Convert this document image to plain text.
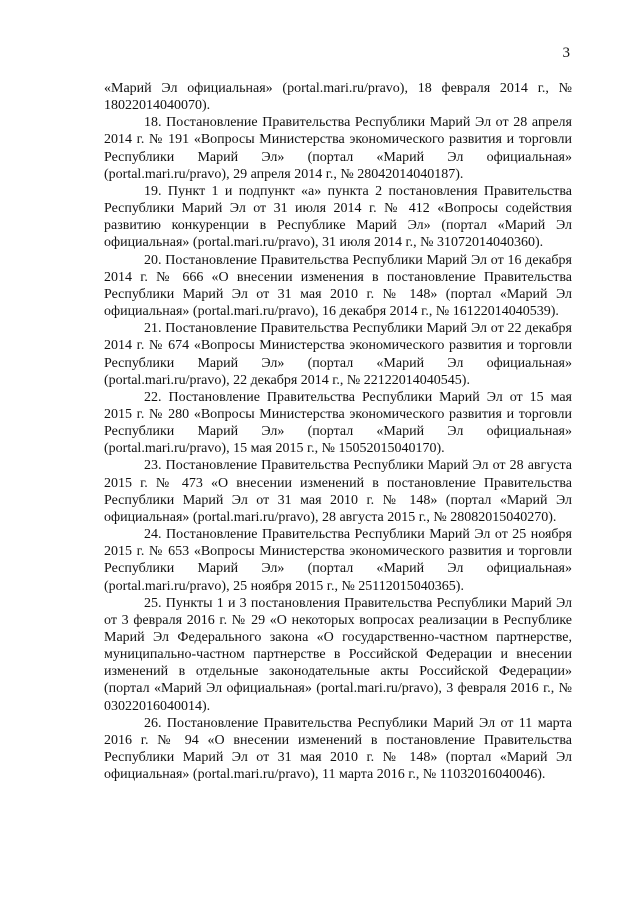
3

«Марий Эл официальная» (portal.mari.ru/pravo), 18 февраля 2014 г., № 18022014040070).

18. Постановление Правительства Республики Марий Эл от 28 апреля 2014 г. № 191 «Вопросы Министерства экономического развития и торговли Республики Марий Эл» (портал «Марий Эл официальная» (portal.mari.ru/pravo), 29 апреля 2014 г., № 28042014040187).

19. Пункт 1 и подпункт «а» пункта 2 постановления Правительства Республики Марий Эл от 31 июля 2014 г. № 412 «Вопросы содействия развитию конкуренции в Республике Марий Эл» (портал «Марий Эл официальная» (portal.mari.ru/pravo), 31 июля 2014 г., № 31072014040360).

20. Постановление Правительства Республики Марий Эл от 16 декабря 2014 г. № 666 «О внесении изменения в постановление Правительства Республики Марий Эл от 31 мая 2010 г. № 148» (портал «Марий Эл официальная» (portal.mari.ru/pravo), 16 декабря 2014 г., № 16122014040539).

21. Постановление Правительства Республики Марий Эл от 22 декабря 2014 г. № 674 «Вопросы Министерства экономического развития и торговли Республики Марий Эл» (портал «Марий Эл официальная» (portal.mari.ru/pravo), 22 декабря 2014 г., № 22122014040545).

22. Постановление Правительства Республики Марий Эл от 15 мая 2015 г. № 280 «Вопросы Министерства экономического развития и торговли Республики Марий Эл» (портал «Марий Эл официальная» (portal.mari.ru/pravo), 15 мая 2015 г., № 15052015040170).

23. Постановление Правительства Республики Марий Эл от 28 августа 2015 г. № 473 «О внесении изменений в постановление Правительства Республики Марий Эл от 31 мая 2010 г. № 148» (портал «Марий Эл официальная» (portal.mari.ru/pravo), 28 августа 2015 г., № 28082015040270).

24. Постановление Правительства Республики Марий Эл от 25 ноября 2015 г. № 653 «Вопросы Министерства экономического развития и торговли Республики Марий Эл» (портал «Марий Эл официальная» (portal.mari.ru/pravo), 25 ноября 2015 г., № 25112015040365).

25. Пункты 1 и 3 постановления Правительства Республики Марий Эл от 3 февраля 2016 г. № 29 «О некоторых вопросах реализации в Республике Марий Эл Федерального закона «О государственно-частном партнерстве, муниципально-частном партнерстве в Российской Федерации и внесении изменений в отдельные законодательные акты Российской Федерации» (портал «Марий Эл официальная» (portal.mari.ru/pravo), 3 февраля 2016 г., № 03022016040014).

26. Постановление Правительства Республики Марий Эл от 11 марта 2016 г. № 94 «О внесении изменений в постановление Правительства Республики Марий Эл от 31 мая 2010 г. № 148» (портал «Марий Эл официальная» (portal.mari.ru/pravo), 11 марта 2016 г., № 11032016040046).
